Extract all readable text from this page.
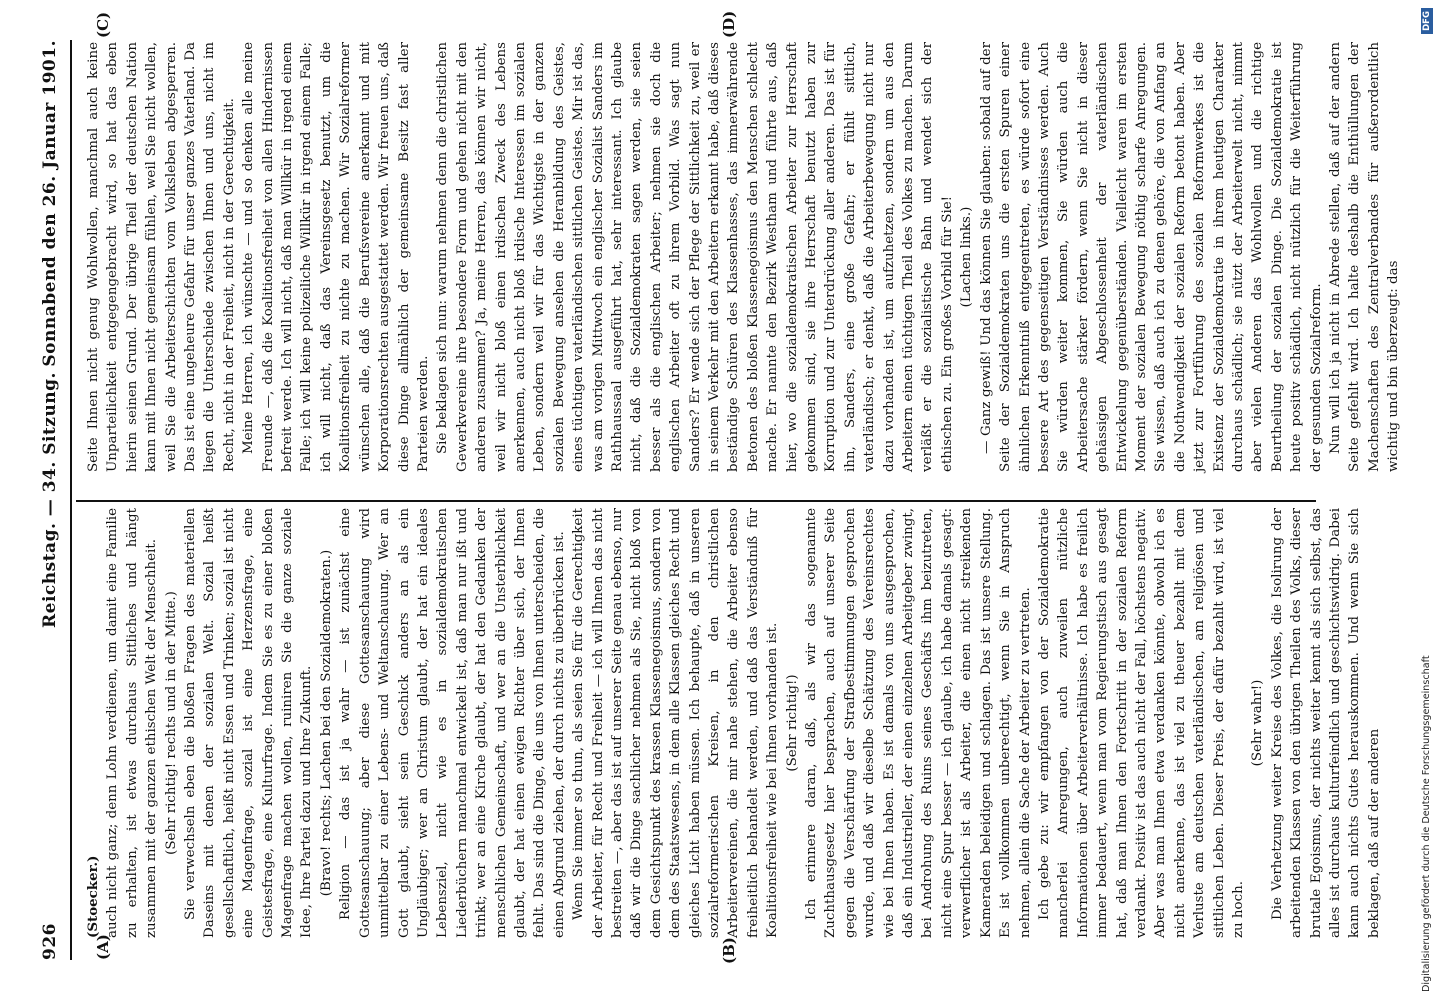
926
Reichstag. — 34. Sitzung.
Sonnabend den 26. Januar 1901.
(A)	(B)
(C)	(D)

(Stoecker.) auch nicht ganz; denn Lohn verdienen, um damit eine Familie zu erhalten, ist etwas durchaus Sittliches und hängt zusammen mit der ganzen ethischen Welt der Menschheit. (Sehr richtig! rechts und in der Mitte.) Sie verwechseln eben die bloßen Fragen des materiellen Daseins mit denen der sozialen Welt. Sozial heißt gesellschaftlich, heißt nicht Essen und Trinken; sozial ist nicht eine Magenfrage, sozial ist eine Herzensfrage, eine Geistesfrage, eine Kulturfrage. Indem Sie es zu einer bloßen Magenfrage machen wollen, ruiniren Sie die ganze soziale Idee, Ihre Partei dazu und Ihre Zukunft. (Bravo! rechts; Lachen bei den Sozialdemokraten.) Religion — das ist ja wahr — ist zunächst eine Gottesanschauung; aber diese Gottesanschauung wird unmittelbar zu einer Lebens- und Weltanschauung. Wer an Gott glaubt, sieht sein Geschick anders an als ein Ungläubiger; wer an Christum glaubt, der hat ein ideales Lebensziel, nicht wie es in sozialdemokratischen Liederbüchern manchmal entwickelt ist, daß man nur ißt und trinkt; wer an eine Kirche glaubt, der hat den Gedanken der menschlichen Gemeinschaft, und wer an die Unsterblichkeit glaubt, der hat einen ewigen Richter über sich, der Ihnen fehlt. Das sind die Dinge, die uns von Ihnen unterscheiden, die einen Abgrund ziehen, der durch nichts zu überbrücken ist. Wenn Sie immer so thun, als seien Sie für die Gerechtigkeit der Arbeiter, für Recht und Freiheit — ich will Ihnen das nicht bestreiten —, aber das ist auf unserer Seite genau ebenso, nur daß wir die Dinge sachlicher nehmen als Sie, nicht bloß von dem Gesichtspunkt des krassen Klassenegoismus, sondern von dem des Staatswesens, in dem alle Klassen gleiches Recht und gleiches Licht haben müssen. Ich behaupte, daß in unseren sozialreformerischen Kreisen, in den christlichen Arbeitervereinen, die mir nahe stehen, die Arbeiter ebenso freiheitlich behandelt werden, und daß das Verständniß für Koalitionsfreiheit wie bei Ihnen vorhanden ist. (Sehr richtig!) Ich erinnere daran, daß, als wir das sogenannte Zuchthausgesetz hier besprachen, auch auf unserer Seite gegen die Verschärfung der Strafbestimmungen gesprochen wurde, und daß wir dieselbe Schätzung des Vereinsrechtes wie bei Ihnen haben. Es ist damals von uns ausgesprochen, daß ein Industrieller, der einen einzelnen Arbeitgeber zwingt, bei Androhung des Ruins seines Geschäfts ihm beizutreten, nicht eine Spur besser — ich glaube, ich habe damals gesagt: verwerflicher ist als Arbeiter, die einen nicht streikenden Kameraden beleidigen und schlagen. Das ist unsere Stellung. Es ist vollkommen unberechtigt, wenn Sie in Anspruch nehmen, allein die Sache der Arbeiter zu vertreten. Ich gebe zu: wir empfangen von der Sozialdemokratie mancherlei Anregungen, auch zuweilen nützliche Informationen über Arbeiterverhältnisse. Ich habe es freilich immer bedauert, wenn man vom Regierungstisch aus gesagt hat, daß man Ihnen den Fortschritt in der sozialen Reform verdankt. Positiv ist das auch nicht der Fall, höchstens negativ. Aber was man Ihnen etwa verdanken könnte, obwohl ich es nicht anerkenne, das ist viel zu theuer bezahlt mit dem Verluste am deutschen vaterländischen, am religiösen und sittlichen Leben. Dieser Preis, der dafür bezahlt wird, ist viel zu hoch.

(Sehr wahr!) Die Verhetzung weiter Kreise des Volkes, die Isolirung der arbeitenden Klassen von den übrigen Theilen des Volks, dieser brutale Egoismus, der nichts weiter kennt als sich selbst, das alles ist durchaus kulturfeindlich und geschichtswidrig. Dabei kann auch nichts Gutes herauskommen. Und wenn Sie sich beklagen, daß auf der anderen

Seite Ihnen nicht genug Wohlwollen, manchmal auch keine Unparteilichkeit entgegengebracht wird, so hat das eben hierin seinen Grund. Der übrige Theil der deutschen Nation kann mit Ihnen nicht gemeinsam fühlen, weil Sie nicht wollen, weil Sie die Arbeiterschichten vom Volksleben abgesperren. Das ist eine ungeheure Gefahr für unser ganzes Vaterland. Da liegen die Unterschiede zwischen Ihnen und uns, nicht im Recht, nicht in der Freiheit, nicht in der Gerechtigkeit. Meine Herren, ich wünschte — und so denken alle meine Freunde —, daß die Koalitionsfreiheit von allen Hindernissen befreit werde. Ich will nicht, daß man Willkür in irgend einem Falle; ich will keine polizeiliche Willkür in irgend einem Falle; ich will nicht, daß das Vereinsgesetz benutzt, um die Koalitionsfreiheit zu nichte zu machen. Wir Sozialreformer wünschen alle, daß die Berufsvereine anerkannt und mit Korporationsrechten ausgestattet werden. Wir freuen uns, daß diese Dinge allmählich der gemeinsame Besitz fast aller Parteien werden. Sie beklagen sich nun: warum nehmen denn die christlichen Gewerkvereine ihre besondere Form und gehen nicht mit den anderen zusammen? Ja, meine Herren, das können wir nicht, weil wir nicht bloß einen irdischen Zweck des Lebens anerkennen, auch nicht bloß irdische Interessen im sozialen Leben, sondern weil wir für das Wichtigste in der ganzen sozialen Bewegung ansehen die Heranbildung des Geistes, eines tüchtigen vaterländischen sittlichen Geistes. Mir ist das, was am vorigen Mittwoch ein englischer Sozialist Sanders im Rathhaussaal ausgeführt hat, sehr interessant. Ich glaube nicht, daß die Sozialdemokraten sagen werden, sie seien besser als die englischen Arbeiter; nehmen sie doch die englischen Arbeiter oft zu ihrem Vorbild. Was sagt nun Sanders? Er wende sich der Pflege der Sittlichkeit zu, weil er in seinem Verkehr mit den Arbeitern erkannt habe, daß dieses beständige Schüren des Klassenhasses, das immerwährende Betonen des bloßen Klassenegoismus den Menschen schlecht mache. Er nannte den Bezirk Westham und führte aus, daß hier, wo die sozialdemokratischen Arbeiter zur Herrschaft gekommen sind, sie ihre Herrschaft benutzt haben zur Korruption und zur Unterdrückung aller anderen. Das ist für ihn, Sanders, eine große Gefahr; er fühlt sittlich, vaterländisch; er denkt, daß die Arbeiterbewegung nicht nur dazu vorhanden ist, um aufzuhetzen, sondern um aus den Arbeitern einen tüchtigen Theil des Volkes zu machen. Darum verläßt er die sozialistische Bahn und wendet sich der ethischen zu. Ein großes Vorbild für Sie! (Lachen links.) — Ganz gewiß! Und das können Sie glauben: sobald auf der Seite der Sozialdemokraten uns die ersten Spuren einer ähnlichen Erkenntniß entgegentreten, es würde sofort eine bessere Art des gegenseitigen Verständnisses werden. Auch Sie würden weiter kommen, Sie würden auch die Arbeitersache stärker fördern, wenn Sie nicht in dieser gehässigen Abgeschlossenheit der vaterländischen Entwickelung gegenüberständen. Vielleicht waren im ersten Moment der sozialen Bewegung nöthig scharfe Anregungen. Sie wissen, daß auch ich zu denen gehöre, die von Anfang an die Nothwendigkeit der sozialen Reform betont haben. Aber jetzt zur Fortführung des sozialen Reformwerkes ist die Existenz der Sozialdemokratie in ihrem heutigen Charakter durchaus schädlich; sie nützt der Arbeiterwelt nicht, nimmt aber vielen Anderen das Wohlwollen und die richtige Beurtheilung der sozialen Dinge. Die Sozialdemokratie ist heute positiv schädlich, nicht nützlich für die Weiterführung der gesunden Sozialreform. Nun will ich ja nicht in Abrede stellen, daß auf der andern Seite gefehlt wird. Ich halte deshalb die Enthüllungen der Machenschaften des Zentralverbandes für außerordentlich wichtig und bin überzeugt: das

Digitalisierung gefördert durch die Deutsche Forschungsgemeinschaft
DFG
